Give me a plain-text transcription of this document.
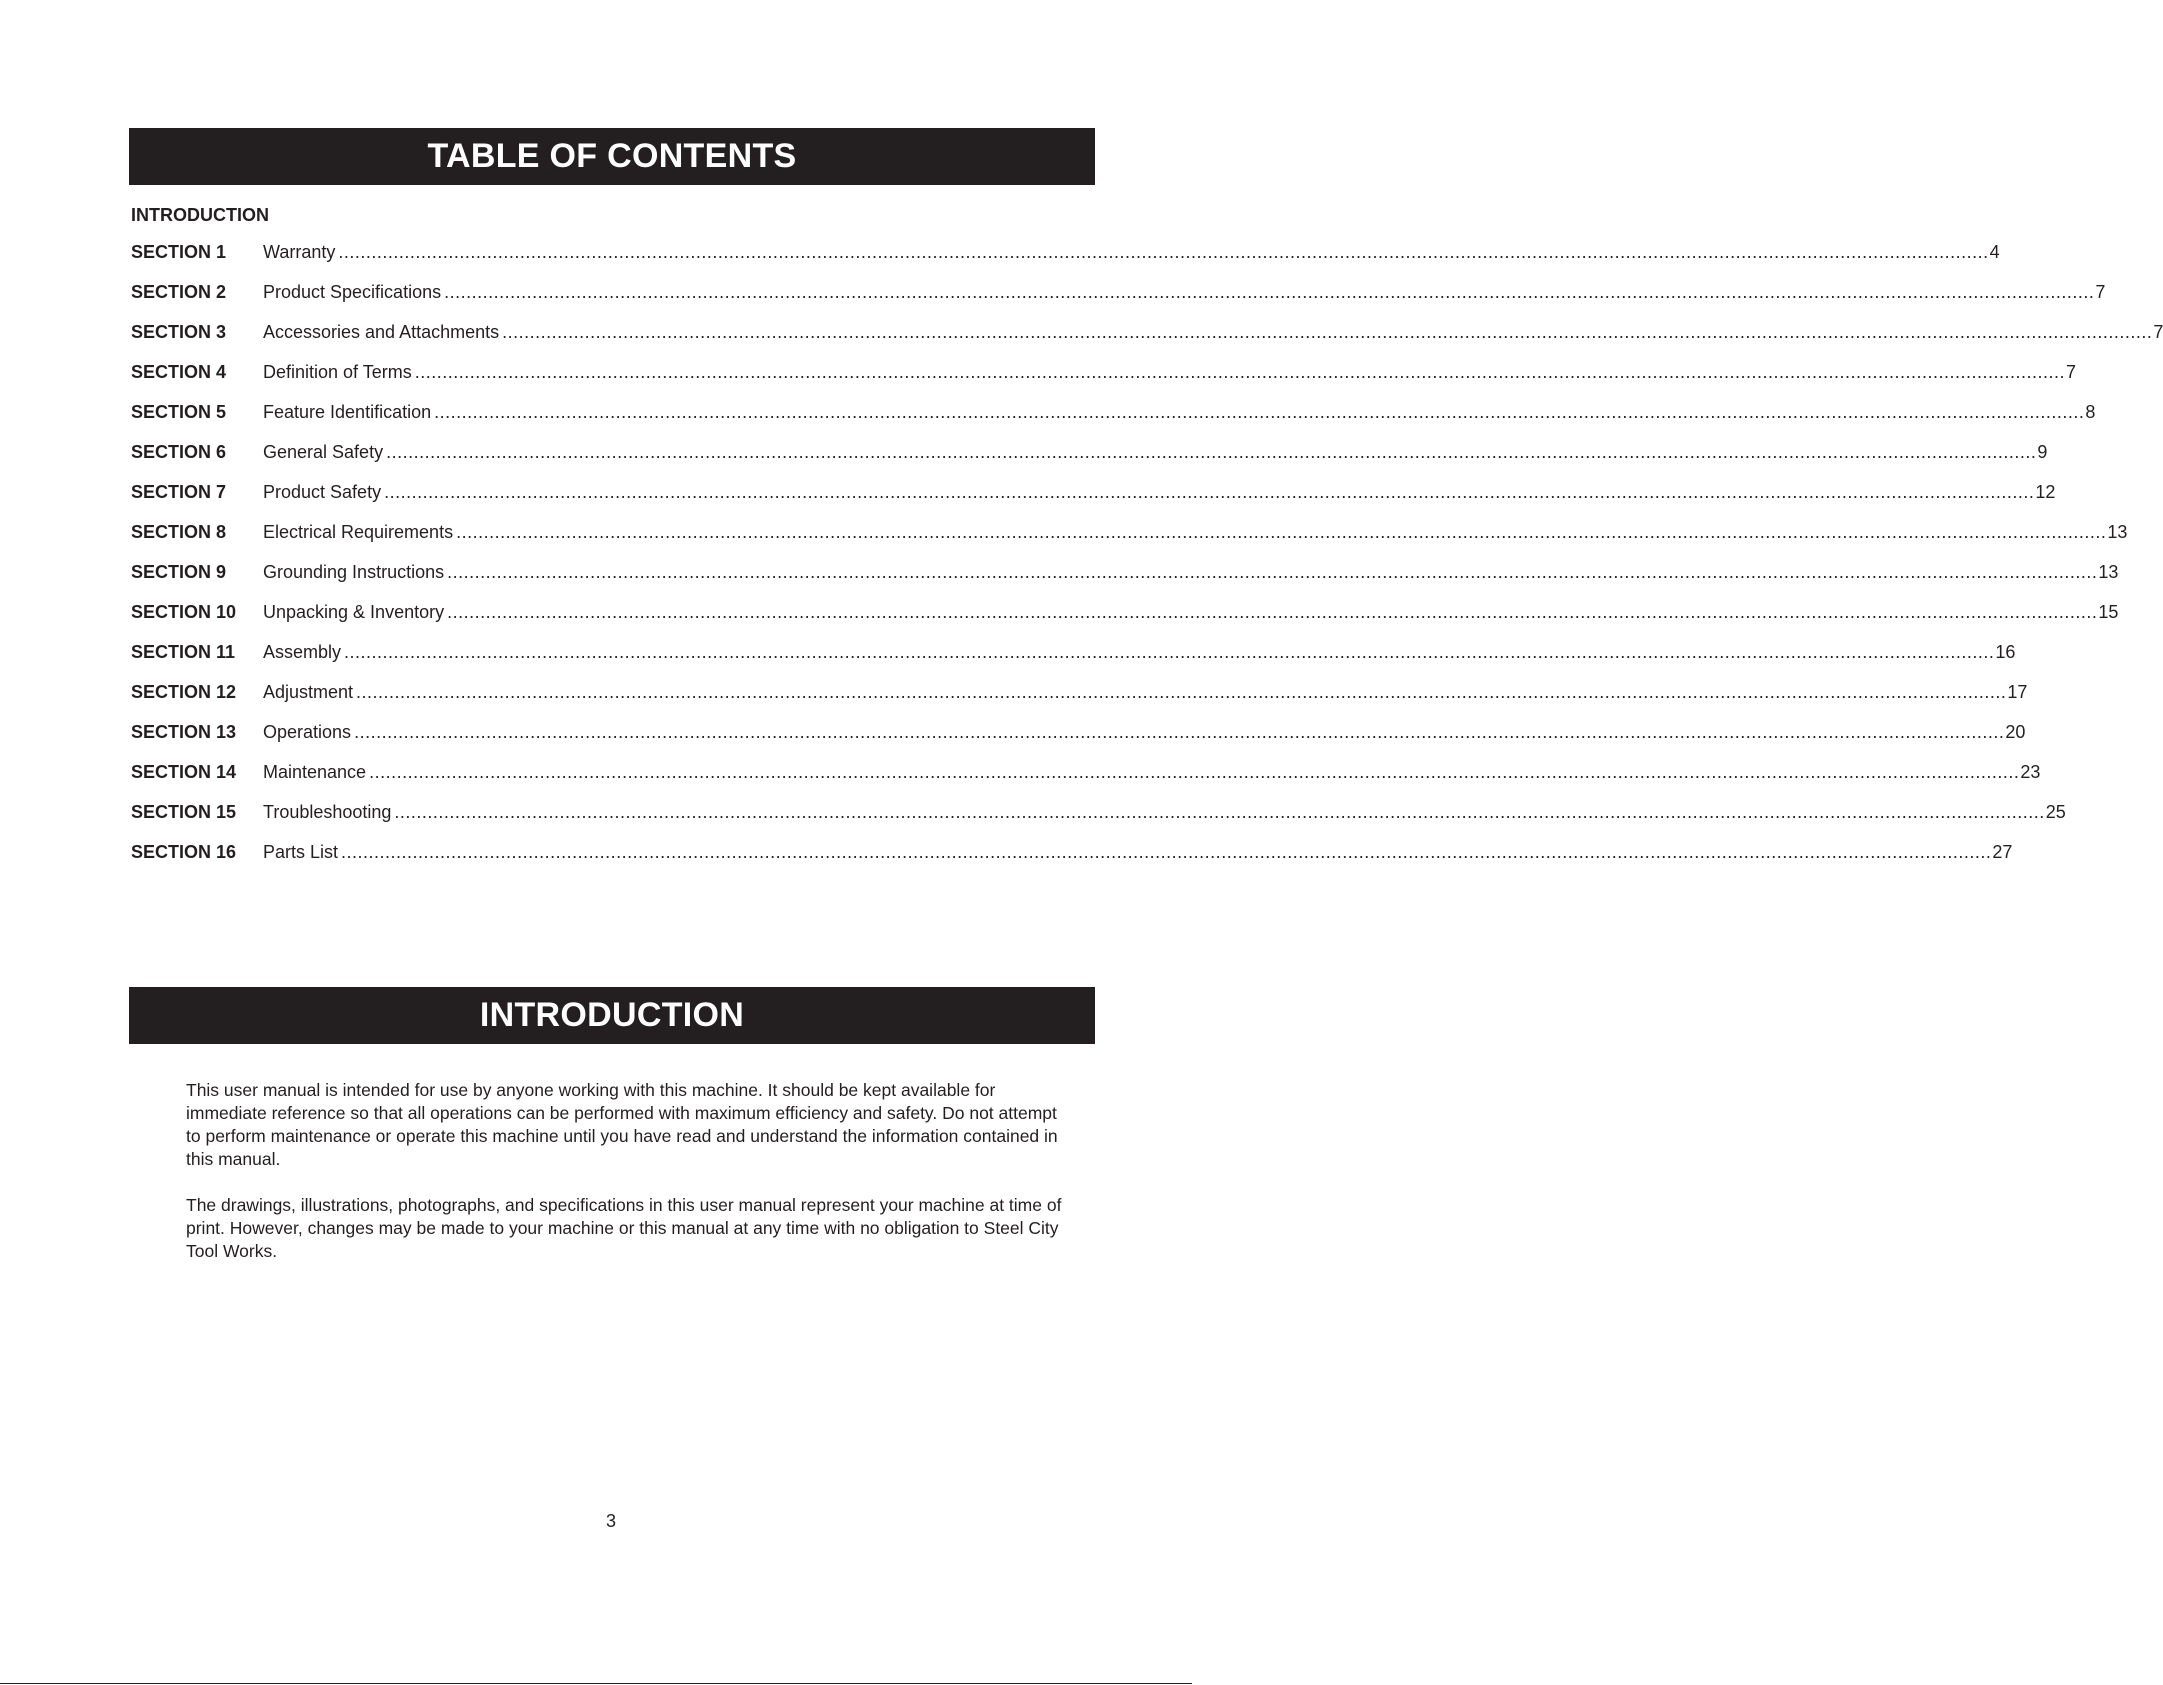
TABLE OF CONTENTS
INTRODUCTION
SECTION 1	Warranty ............................................................................................................................................................................................................................................................................................................ 4
SECTION 2	Product Specifications ............................................................................................................................................................................................................................................................................................................ 7
SECTION 3	Accessories and Attachments ............................................................................................................................................................................................................................................................................................................ 7
SECTION 4	Definition of Terms ............................................................................................................................................................................................................................................................................................................ 7
SECTION 5	Feature Identification ............................................................................................................................................................................................................................................................................................................ 8
SECTION 6	General Safety ............................................................................................................................................................................................................................................................................................................ 9
SECTION 7	Product Safety ............................................................................................................................................................................................................................................................................................................ 12
SECTION 8	Electrical Requirements ............................................................................................................................................................................................................................................................................................................ 13
SECTION 9	Grounding Instructions ............................................................................................................................................................................................................................................................................................................ 13
SECTION 10	Unpacking & Inventory ............................................................................................................................................................................................................................................................................................................ 15
SECTION 11	Assembly ............................................................................................................................................................................................................................................................................................................ 16
SECTION 12	Adjustment ............................................................................................................................................................................................................................................................................................................ 17
SECTION 13	Operations ............................................................................................................................................................................................................................................................................................................ 20
SECTION 14	Maintenance ............................................................................................................................................................................................................................................................................................................ 23
SECTION 15	Troubleshooting ............................................................................................................................................................................................................................................................................................................ 25
SECTION 16	Parts List ............................................................................................................................................................................................................................................................................................................ 27
INTRODUCTION

This user manual is intended for use by anyone working with this machine. It should be kept available for immediate reference so that all operations can be performed with maximum efficiency and safety. Do not attempt to perform maintenance or operate this machine until you have read and understand the information contained in this manual.

The drawings, illustrations, photographs, and specifications in this user manual represent your machine at time of print. However, changes may be made to your machine or this manual at any time with no obligation to Steel City Tool Works.

3
